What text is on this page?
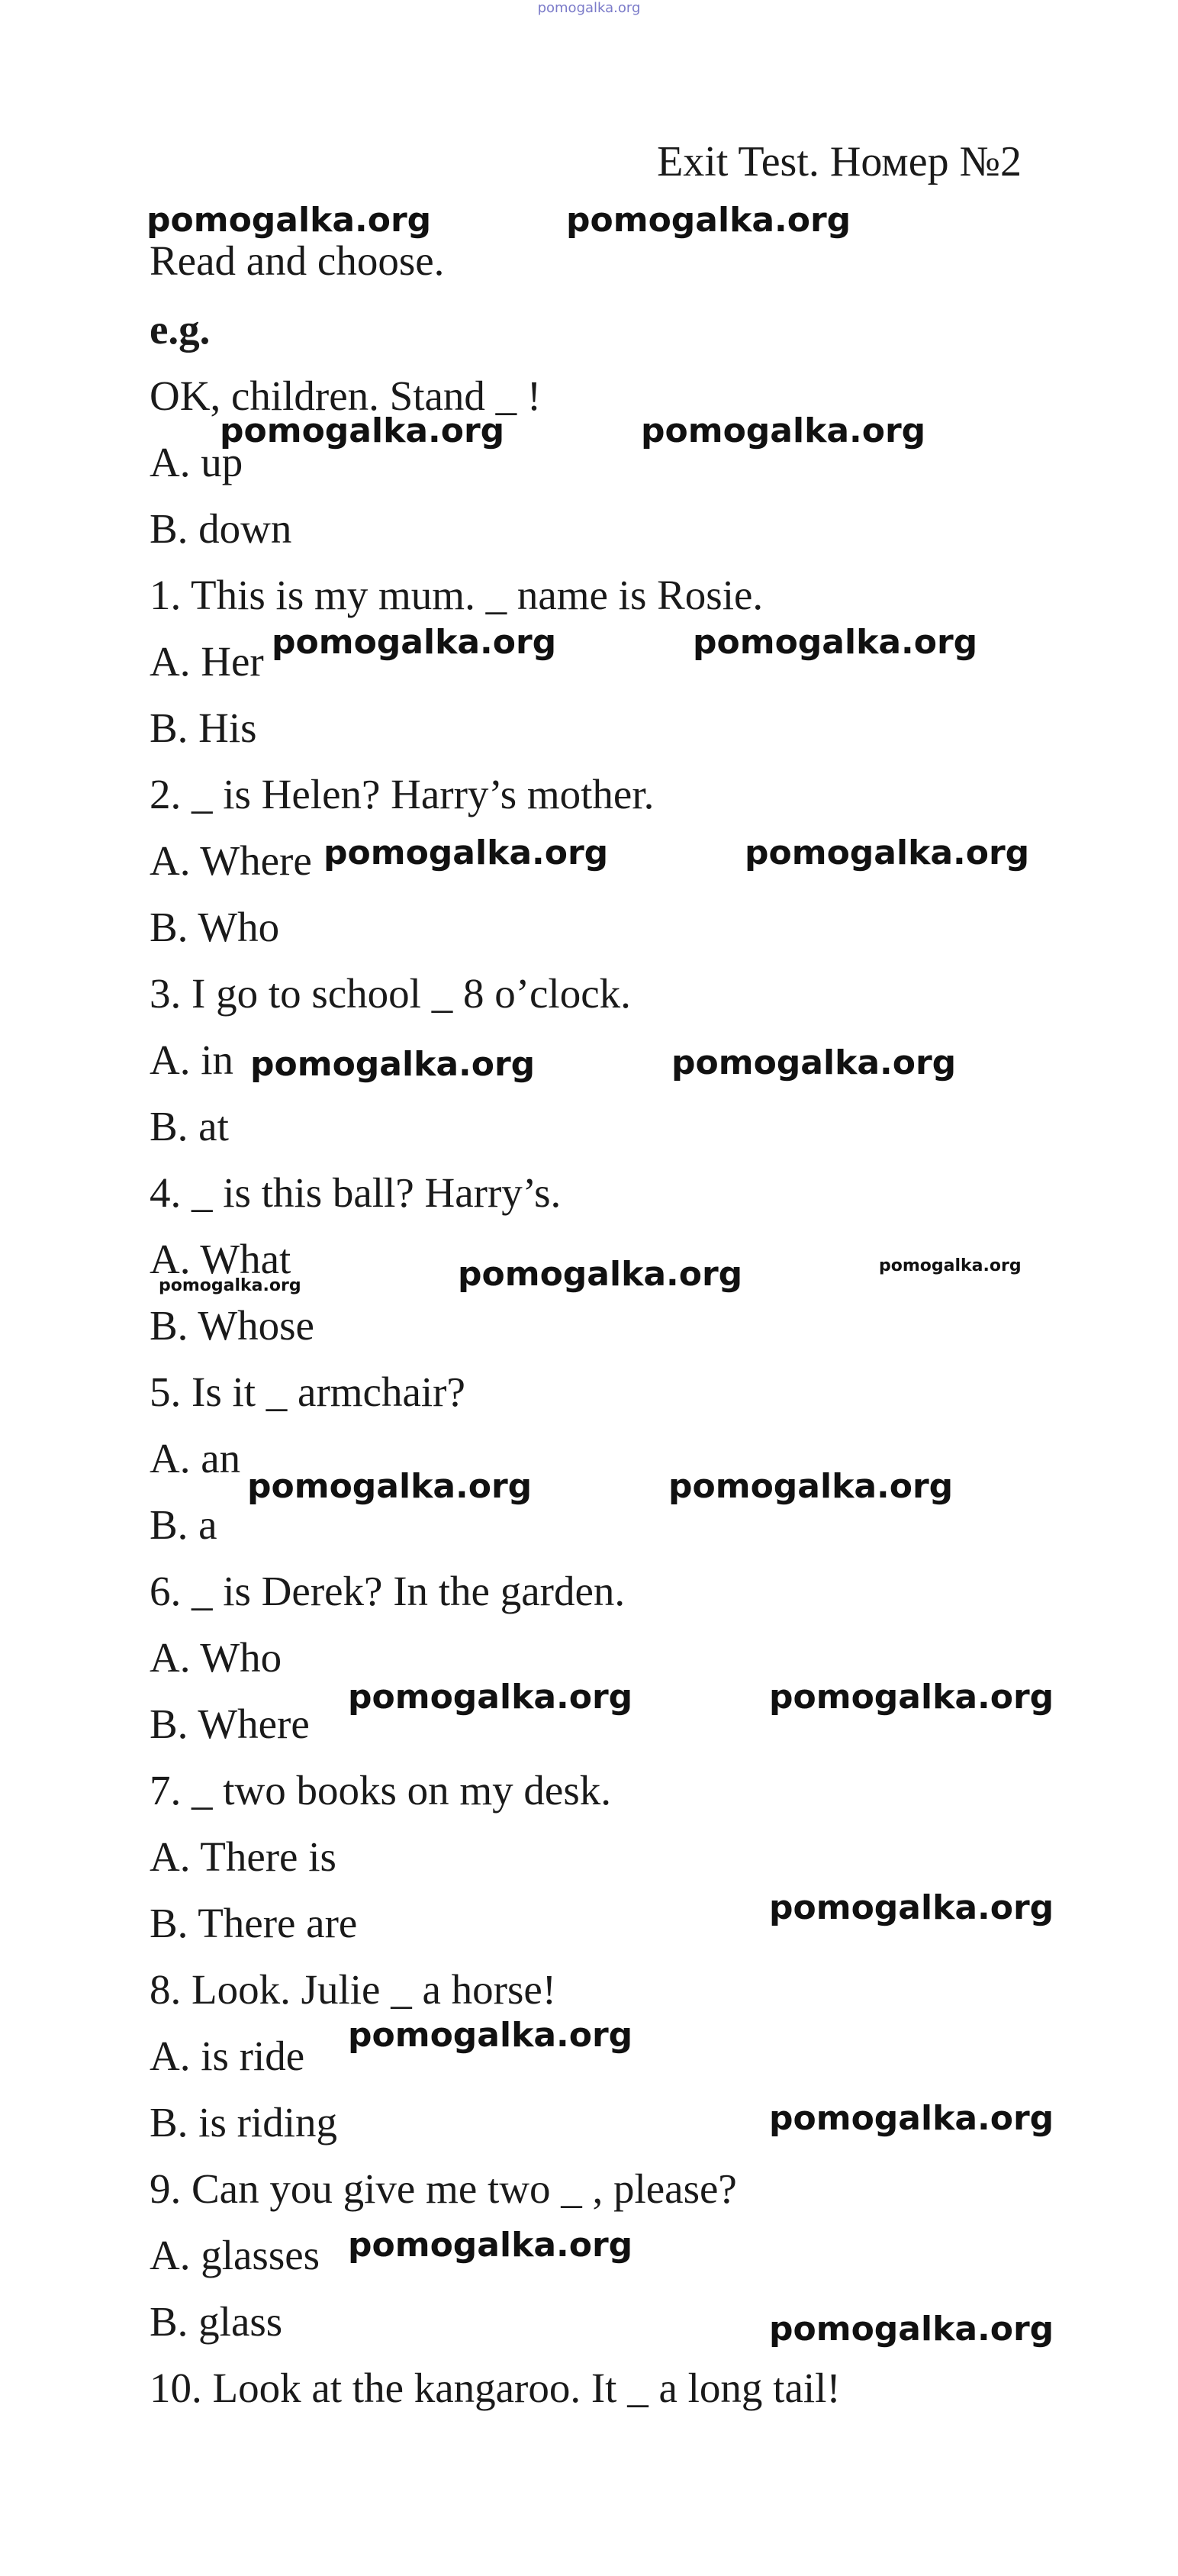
pomogalka.org
Exit Test. Номер №2
Read and choose.
e.g.
OK, children. Stand _ !
A. up
B. down
1. This is my mum. _ name is Rosie.
A. Her
B. His
2. _ is Helen? Harry’s mother.
A. Where
B. Who
3. I go to school _ 8 o’clock.
A. in
B. at
4. _ is this ball? Harry’s.
A. What
B. Whose
5. Is it _ armchair?
A. an
B. a
6. _ is Derek? In the garden.
A. Who
B. Where
7. _ two books on my desk.
A. There is
B. There are
8. Look. Julie _ a horse!
A. is ride
B. is riding
9. Can you give me two _ , please?
A. glasses
B. glass
10. Look at the kangaroo. It _ a long tail!
pomogalka.org	pomogalka.org
pomogalka.org	pomogalka.org
pomogalka.org	pomogalka.org
pomogalka.org	pomogalka.org
pomogalka.org	pomogalka.org
pomogalka.org	pomogalka.org	pomogalka.org
pomogalka.org	pomogalka.org
pomogalka.org	pomogalka.org
pomogalka.org
pomogalka.org
pomogalka.org
pomogalka.org
pomogalka.org
